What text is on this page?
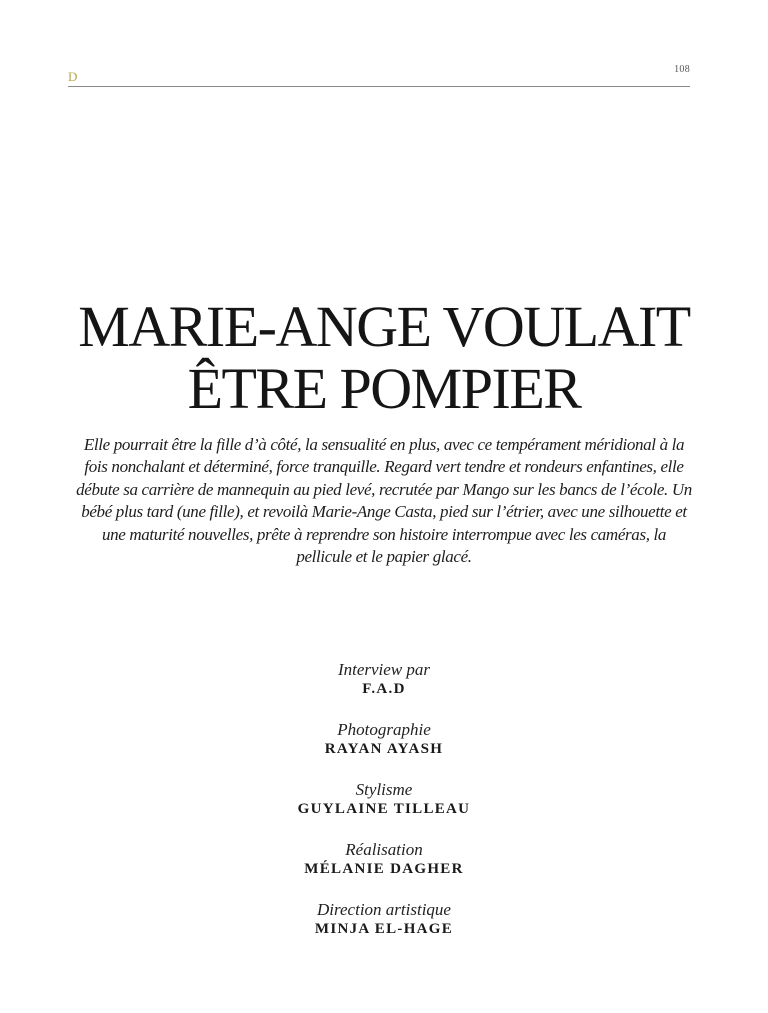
D	108
MARIE-ANGE VOULAIT
ÊTRE POMPIER

Elle pourrait être la fille d’à côté, la sensualité en plus, avec ce tempérament méridional à la fois nonchalant et déterminé, force tranquille. Regard vert tendre et rondeurs enfantines, elle débute sa carrière de mannequin au pied levé, recrutée par Mango sur les bancs de l’école. Un bébé plus tard (une fille), et revoilà Marie-Ange Casta, pied sur l’étrier, avec une silhouette et une maturité nouvelles, prête à reprendre son histoire interrompue avec les caméras, la pellicule et le papier glacé.

Interview par
F.A.D
Photographie
RAYAN AYASH
Stylisme
GUYLAINE TILLEAU
Réalisation
MÉLANIE DAGHER
Direction artistique
MINJA EL-HAGE
